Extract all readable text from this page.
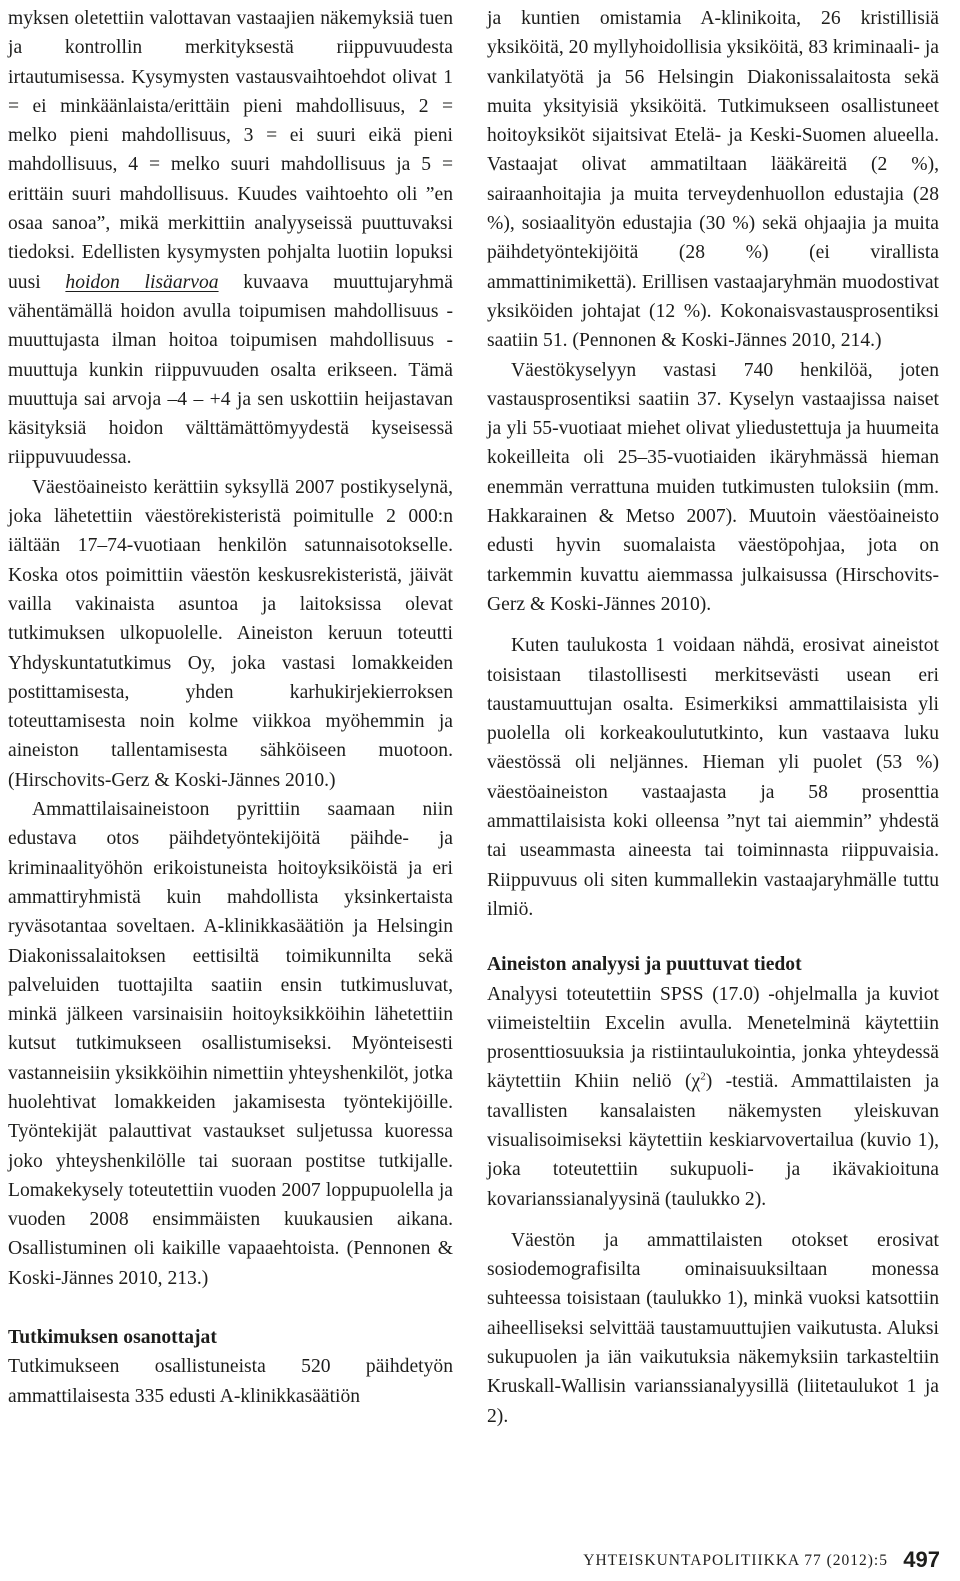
myksen oletettiin valottavan vastaajien näkemyksiä tuen ja kontrollin merkityksestä riippuvuudesta irtautumisessa. Kysymysten vastausvaihtoehdot olivat 1 = ei minkäänlaista/erittäin pieni mahdollisuus, 2 = melko pieni mahdollisuus, 3 = ei suuri eikä pieni mahdollisuus, 4 = melko suuri mahdollisuus ja 5 = erittäin suuri mahdollisuus. Kuudes vaihtoehto oli ”en osaa sanoa”, mikä merkittiin analyyseissä puuttuvaksi tiedoksi. Edellisten kysymysten pohjalta luotiin lopuksi uusi hoidon lisäarvoa kuvaava muuttujaryhmä vähentämällä hoidon avulla toipumisen mahdollisuus -muuttujasta ilman hoitoa toipumisen mahdollisuus -muuttuja kunkin riippuvuuden osalta erikseen. Tämä muuttuja sai arvoja –4 – +4 ja sen uskottiin heijastavan käsityksiä hoidon välttämättömyydestä kyseisessä riippuvuudessa.

Väestöaineisto kerättiin syksyllä 2007 postikyselynä, joka lähetettiin väestörekisteristä poimitulle 2 000:n iältään 17–74-vuotiaan henkilön satunnaisotokselle. Koska otos poimittiin väestön keskusrekisteristä, jäivät vailla vakinaista asuntoa ja laitoksissa olevat tutkimuksen ulkopuolelle. Aineiston keruun toteutti Yhdyskuntatutkimus Oy, joka vastasi lomakkeiden postittamisesta, yhden karhukirjekierroksen toteuttamisesta noin kolme viikkoa myöhemmin ja aineiston tallentamisesta sähköiseen muotoon. (Hirschovits-Gerz & Koski-Jännes 2010.)

Ammattilaisaineistoon pyrittiin saamaan niin edustava otos päihdetyöntekijöitä päihde- ja kriminaalityöhön erikoistuneista hoitoyksiköistä ja eri ammattiryhmistä kuin mahdollista yksinkertaista ryväsotantaa soveltaen. A-klinikkasäätiön ja Helsingin Diakonissalaitoksen eettisiltä toimikunnilta sekä palveluiden tuottajilta saatiin ensin tutkimusluvat, minkä jälkeen varsinaisiin hoitoyksikköihin lähetettiin kutsut tutkimukseen osallistumiseksi. Myönteisesti vastanneisiin yksikköihin nimettiin yhteyshenkilöt, jotka huolehtivat lomakkeiden jakamisesta työntekijöille. Työntekijät palauttivat vastaukset suljetussa kuoressa joko yhteyshenkilölle tai suoraan postitse tutkijalle. Lomakekysely toteutettiin vuoden 2007 loppupuolella ja vuoden 2008 ensimmäisten kuukausien aikana. Osallistuminen oli kaikille vapaaehtoista. (Pennonen & Koski-Jännes 2010, 213.)

Tutkimuksen osanottajat

Tutkimukseen osallistuneista 520 päihdetyön ammattilaisesta 335 edusti A-klinikkasäätiön

ja kuntien omistamia A-klinikoita, 26 kristillisiä yksiköitä, 20 myllyhoidollisia yksiköitä, 83 kriminaali- ja vankilatyötä ja 56 Helsingin Diakonissalaitosta sekä muita yksityisiä yksiköitä. Tutkimukseen osallistuneet hoitoyksiköt sijaitsivat Etelä- ja Keski-Suomen alueella. Vastaajat olivat ammatiltaan lääkäreitä (2 %), sairaanhoitajia ja muita terveydenhuollon edustajia (28 %), sosiaalityön edustajia (30 %) sekä ohjaajia ja muita päihdetyöntekijöitä (28 %) (ei virallista ammattinimikettä). Erillisen vastaajaryhmän muodostivat yksiköiden johtajat (12 %). Kokonaisvastausprosentiksi saatiin 51. (Pennonen & Koski-Jännes 2010, 214.)

Väestökyselyyn vastasi 740 henkilöä, joten vastausprosentiksi saatiin 37. Kyselyn vastaajissa naiset ja yli 55-vuotiaat miehet olivat yliedustettuja ja huumeita kokeilleita oli 25–35-vuotiaiden ikäryhmässä hieman enemmän verrattuna muiden tutkimusten tuloksiin (mm. Hakkarainen & Metso 2007). Muutoin väestöaineisto edusti hyvin suomalaista väestöpohjaa, jota on tarkemmin kuvattu aiemmassa julkaisussa (Hirschovits-Gerz & Koski-Jännes 2010).

Kuten taulukosta 1 voidaan nähdä, erosivat aineistot toisistaan tilastollisesti merkitsevästi usean eri taustamuuttujan osalta. Esimerkiksi ammattilaisista yli puolella oli korkeakoulututkinto, kun vastaava luku väestössä oli neljännes. Hieman yli puolet (53 %) väestöaineiston vastaajasta ja 58 prosenttia ammattilaisista koki olleensa ”nyt tai aiemmin” yhdestä tai useammasta aineesta tai toiminnasta riippuvaisia. Riippuvuus oli siten kummallekin vastaajaryhmälle tuttu ilmiö.

Aineiston analyysi ja puuttuvat tiedot

Analyysi toteutettiin SPSS (17.0) -ohjelmalla ja kuviot viimeisteltiin Excelin avulla. Menetelminä käytettiin prosenttiosuuksia ja ristiintaulukointia, jonka yhteydessä käytettiin Khiin neliö $(\chi^2)$ -testiä. Ammattilaisten ja tavallisten kansalaisten näkemysten yleiskuvan visualisoimiseksi käytettiin keskiarvovertailua (kuvio 1), joka toteutettiin sukupuoli- ja ikävakioituna kovarianssianalyysinä (taulukko 2).

Väestön ja ammattilaisten otokset erosivat sosiodemografisilta ominaisuuksiltaan monessa suhteessa toisistaan (taulukko 1), minkä vuoksi katsottiin aiheelliseksi selvittää taustamuuttujien vaikutusta. Aluksi sukupuolen ja iän vaikutuksia näkemyksiin tarkasteltiin Kruskall-Wallisin varianssianalyysillä (liitetaulukot 1 ja 2).

YHTEISKUNTAPOLITIIKKA 77 (2012):5 497
